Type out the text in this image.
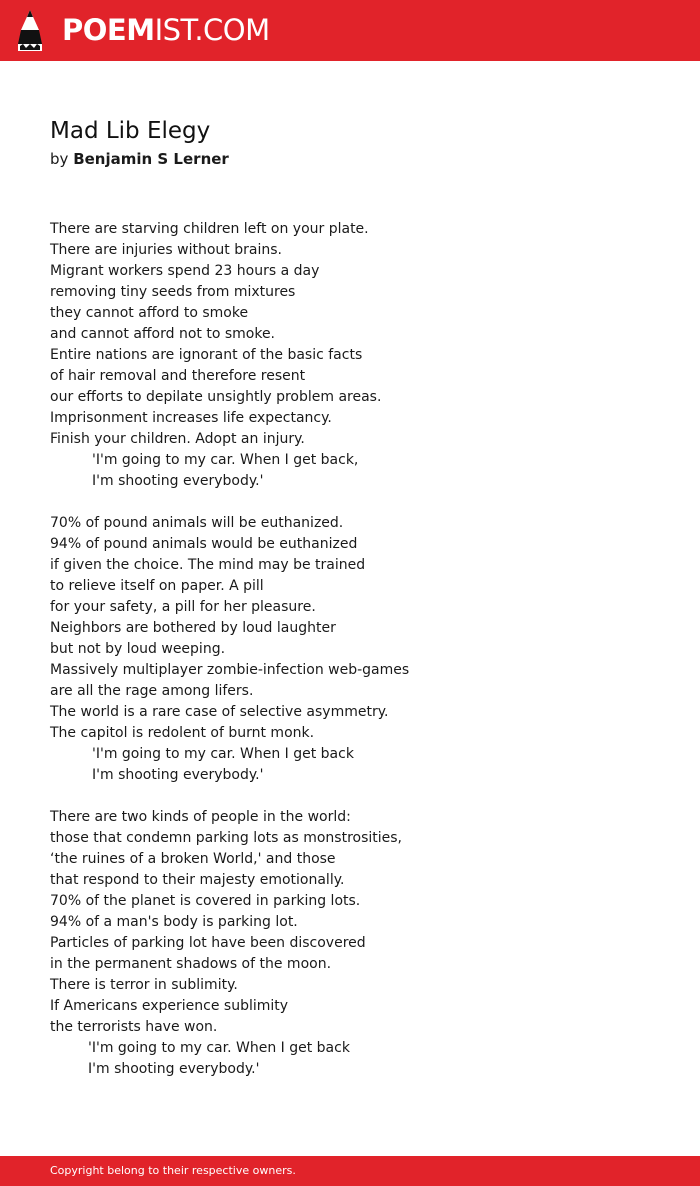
POEMIST.COM
Mad Lib Elegy
by Benjamin S Lerner
There are starving children left on your plate.
There are injuries without brains.
Migrant workers spend 23 hours a day
removing tiny seeds from mixtures
they cannot afford to smoke
and cannot afford not to smoke.
Entire nations are ignorant of the basic facts
of hair removal and therefore resent
our efforts to depilate unsightly problem areas.
Imprisonment increases life expectancy.
Finish your children. Adopt an injury.
'I'm going to my car. When I get back,
I'm shooting everybody.'
70% of pound animals will be euthanized.
94% of pound animals would be euthanized
if given the choice. The mind may be trained
to relieve itself on paper. A pill
for your safety, a pill for her pleasure.
Neighbors are bothered by loud laughter
but not by loud weeping.
Massively multiplayer zombie-infection web-games
are all the rage among lifers.
The world is a rare case of selective asymmetry.
The capitol is redolent of burnt monk.
'I'm going to my car. When I get back
I'm shooting everybody.'
There are two kinds of people in the world:
those that condemn parking lots as monstrosities,
‘the ruines of a broken World,' and those
that respond to their majesty emotionally.
70% of the planet is covered in parking lots.
94% of a man's body is parking lot.
Particles of parking lot have been discovered
in the permanent shadows of the moon.
There is terror in sublimity.
If Americans experience sublimity
the terrorists have won.
'I'm going to my car. When I get back
I'm shooting everybody.'
Copyright belong to their respective owners.
